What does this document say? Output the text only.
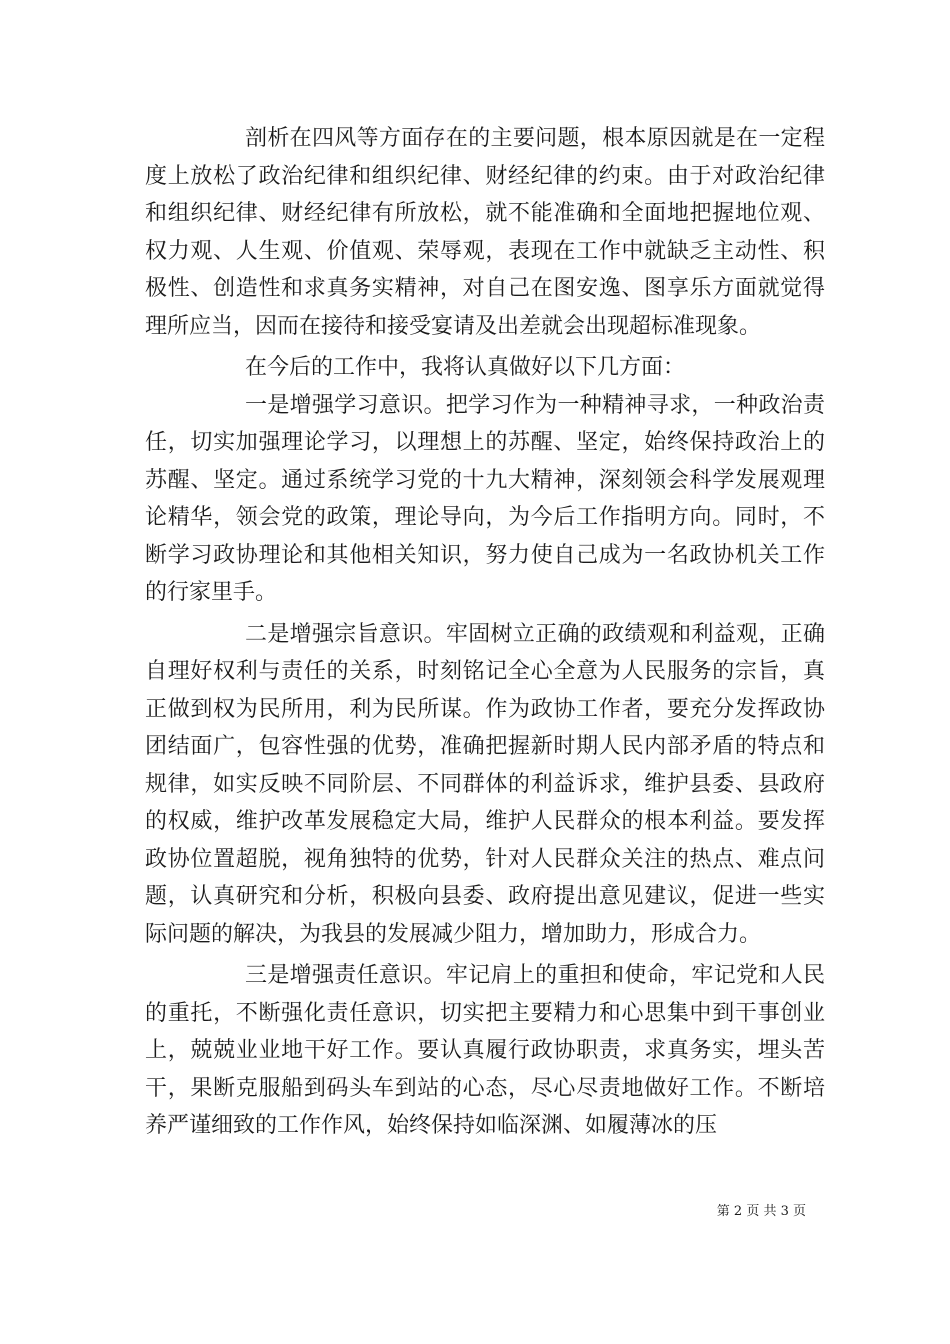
剖析在四风等方面存在的主要问题，根本原因就是在一定程度上放松了政治纪律和组织纪律、财经纪律的约束。由于对政治纪律和组织纪律、财经纪律有所放松，就不能准确和全面地把握地位观、权力观、人生观、价值观、荣辱观，表现在工作中就缺乏主动性、积极性、创造性和求真务实精神，对自己在图安逸、图享乐方面就觉得理所应当，因而在接待和接受宴请及出差就会出现超标准现象。

在今后的工作中，我将认真做好以下几方面：

一是增强学习意识。把学习作为一种精神寻求，一种政治责任，切实加强理论学习，以理想上的苏醒、坚定，始终保持政治上的苏醒、坚定。通过系统学习党的十九大精神，深刻领会科学发展观理论精华，领会党的政策，理论导向，为今后工作指明方向。同时，不断学习政协理论和其他相关知识，努力使自己成为一名政协机关工作的行家里手。

二是增强宗旨意识。牢固树立正确的政绩观和利益观，正确自理好权利与责任的关系，时刻铭记全心全意为人民服务的宗旨，真正做到权为民所用，利为民所谋。作为政协工作者，要充分发挥政协团结面广，包容性强的优势，准确把握新时期人民内部矛盾的特点和规律，如实反映不同阶层、不同群体的利益诉求，维护县委、县政府的权威，维护改革发展稳定大局，维护人民群众的根本利益。要发挥政协位置超脱，视角独特的优势，针对人民群众关注的热点、难点问题，认真研究和分析，积极向县委、政府提出意见建议，促进一些实际问题的解决，为我县的发展减少阻力，增加助力，形成合力。

三是增强责任意识。牢记肩上的重担和使命，牢记党和人民的重托，不断强化责任意识，切实把主要精力和心思集中到干事创业上，兢兢业业地干好工作。要认真履行政协职责，求真务实，埋头苦干，果断克服船到码头车到站的心态，尽心尽责地做好工作。不断培养严谨细致的工作作风，始终保持如临深渊、如履薄冰的压

第 2 页 共 3 页
